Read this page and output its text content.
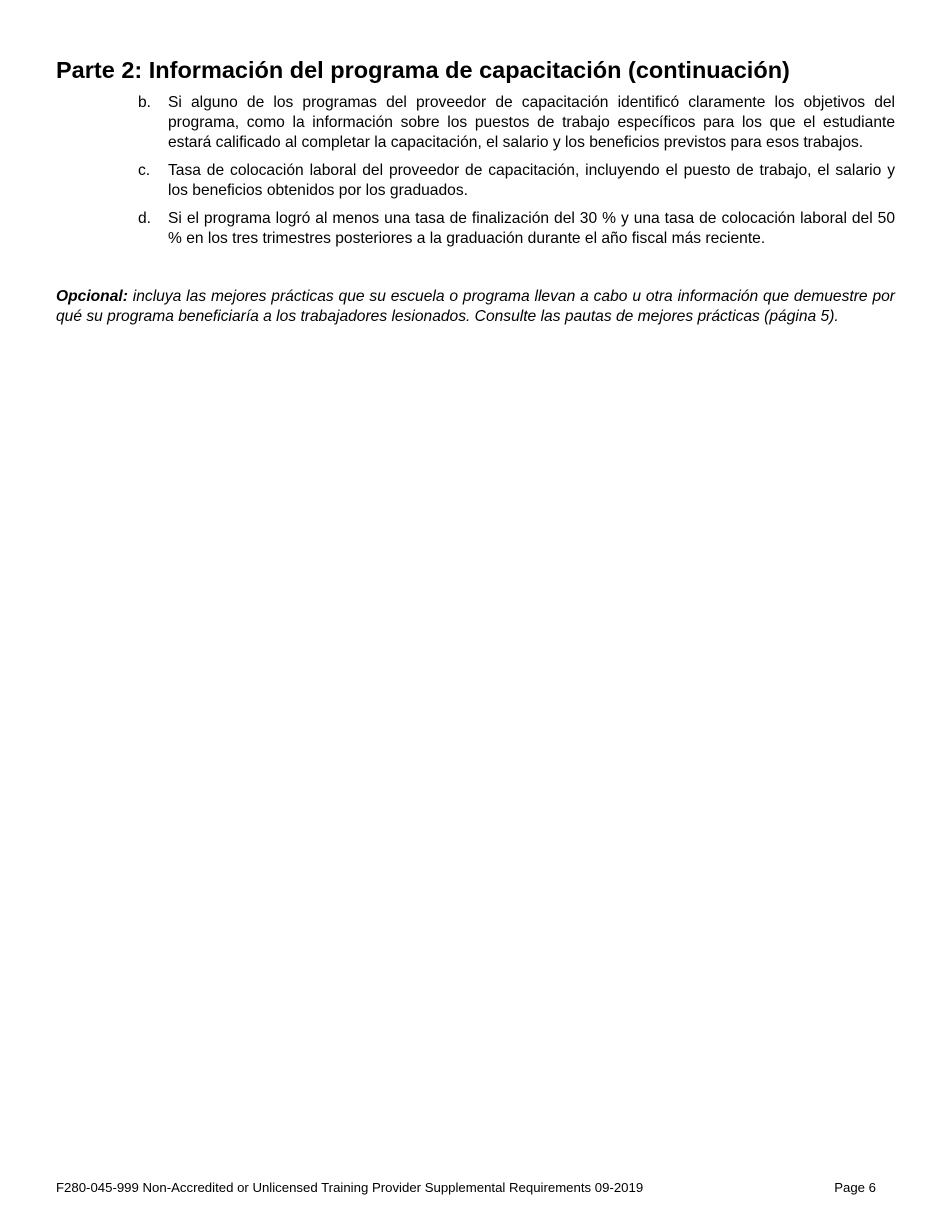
Parte 2: Información del programa de capacitación (continuación)
b.	Si alguno de los programas del proveedor de capacitación identificó claramente los objetivos del programa, como la información sobre los puestos de trabajo específicos para los que el estudiante estará calificado al completar la capacitación, el salario y los beneficios previstos para esos trabajos.
c.	Tasa de colocación laboral del proveedor de capacitación, incluyendo el puesto de trabajo, el salario y los beneficios obtenidos por los graduados.
d.	Si el programa logró al menos una tasa de finalización del 30 % y una tasa de colocación laboral del 50 % en los tres trimestres posteriores a la graduación durante el año fiscal más reciente.

Opcional: incluya las mejores prácticas que su escuela o programa llevan a cabo u otra información que demuestre por qué su programa beneficiaría a los trabajadores lesionados. Consulte las pautas de mejores prácticas (página 5).

F280-045-999 Non-Accredited or Unlicensed Training Provider Supplemental Requirements 09-2019	Page 6
